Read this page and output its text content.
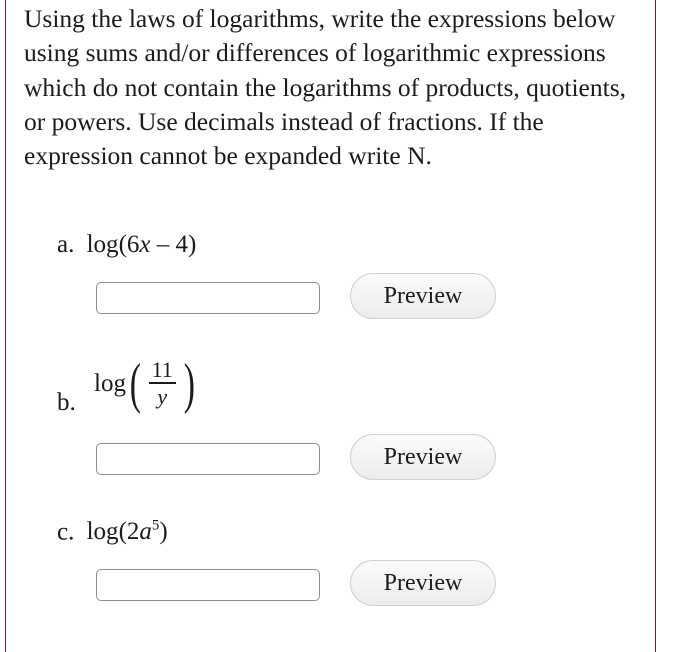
Using the laws of logarithms, write the expressions below using sums and/or differences of logarithmic expressions which do not contain the logarithms of products, quotients, or powers. Use decimals instead of fractions. If the expression cannot be expanded write N.

a. log(6x – 4)
Preview
b.
log ( $\frac{11}{y}$ )
Preview
c. $\log(2a^5)$
Preview
